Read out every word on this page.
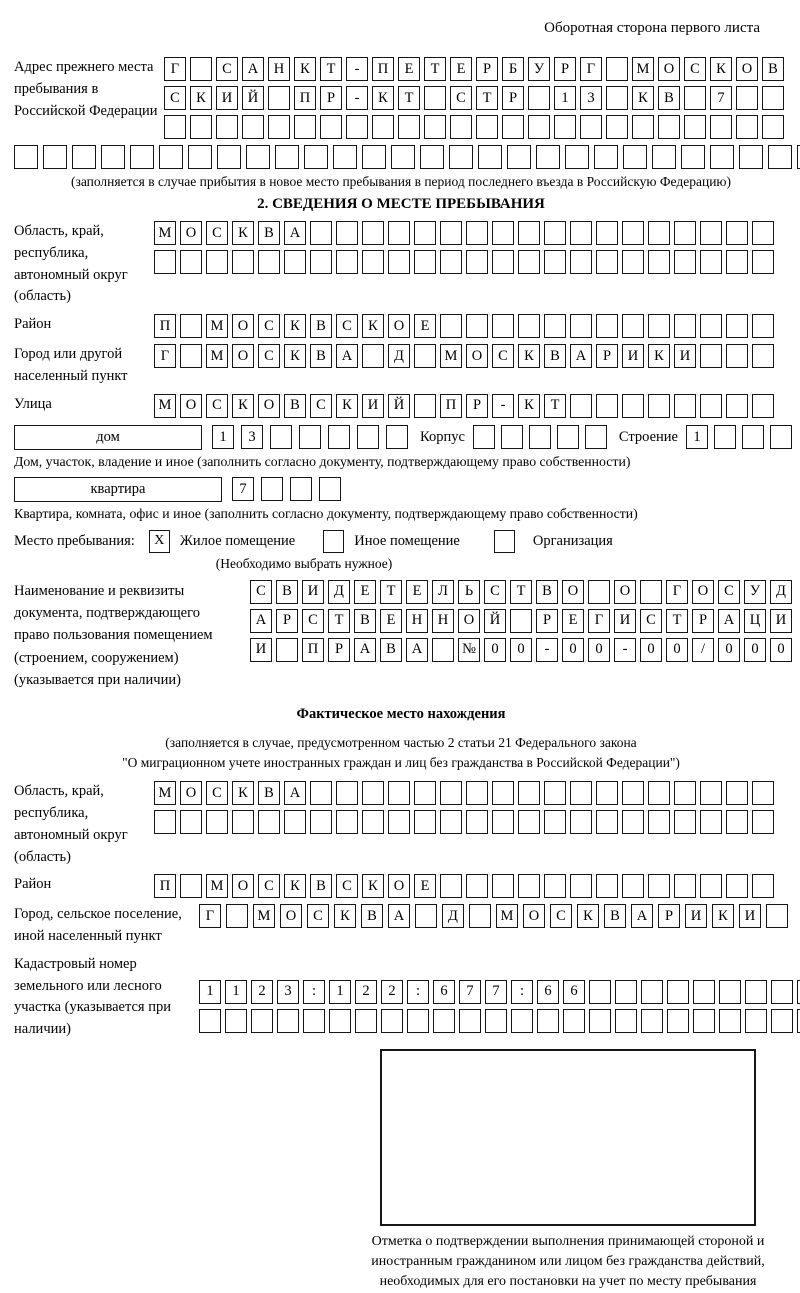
Оборотная сторона первого листа
Адрес прежнего места пребывания в Российской Федерации
Г	С	А	Н	К	Т	-	П	Е	Т	Е	Р	Б	У	Р	Г	М О	С	К	О	В
С	К	И	Й	П	Р	-	К	Т	С	Т	Р	1	3	К	В	7
(заполняется в случае прибытия в новое место пребывания в период последнего въезда в Российскую Федерацию)
2. СВЕДЕНИЯ О МЕСТЕ ПРЕБЫВАНИЯ
Область, край, республика, автономный округ (область)
М О	С	К	В	А
Район	П	М О	С	К	В	С	К	О	Е
Город или другой населенный пункт
Г	М О	С	К	В	А	Д	М О	С	К	В	А	Р	И	К	И
Улица	М О	С	К	О	В	С	К	И	Й	П	Р	-	К	Т
дом	1	3	Корпус	Строение	1
Дом, участок, владение и иное (заполнить согласно документу, подтверждающему право собственности)
квартира	7
Квартира, комната, офис и иное (заполнить согласно документу, подтверждающему право собственности)
Место пребывания:	X	Жилое помещение	Иное помещение	Организация
(Необходимо выбрать нужное)
Наименование и реквизиты документа, подтверждающего право пользования помещением (строением, сооружением) (указывается при наличии)
С	В	И	Д	Е	Т	Е	Л	Ь	С	Т	В	О	О	Г	О	С	У	Д
А	Р	С	Т	В	Е	Н	Н	О	Й	Р	Е	Г	И	С	Т	Р	А	Ц	И
И	П	Р	А	В	А	№	0	0	-	0	0	-	0	0	/	0	0	0
Фактическое место нахождения
(заполняется в случае, предусмотренном частью 2 статьи 21 Федерального закона
"О миграционном учете иностранных граждан и лиц без гражданства в Российской Федерации")
Область, край, республика, автономный округ (область)
М О	С	К	В	А
Район	П	М О	С	К	В	С	К	О	Е
Город, сельское поселение, иной населенный пункт
Г	М	О	С	К	В	А	Д	М	О	С	К	В	А	Р	И	К	И
Кадастровый номер земельного или лесного участка (указывается при наличии)
1	1	2	3	:	1	2	2	:	6	7	7	:	6	6
Отметка о подтверждении выполнения принимающей стороной и иностранным гражданином или лицом без гражданства действий, необходимых для его постановки на учет по месту пребывания
